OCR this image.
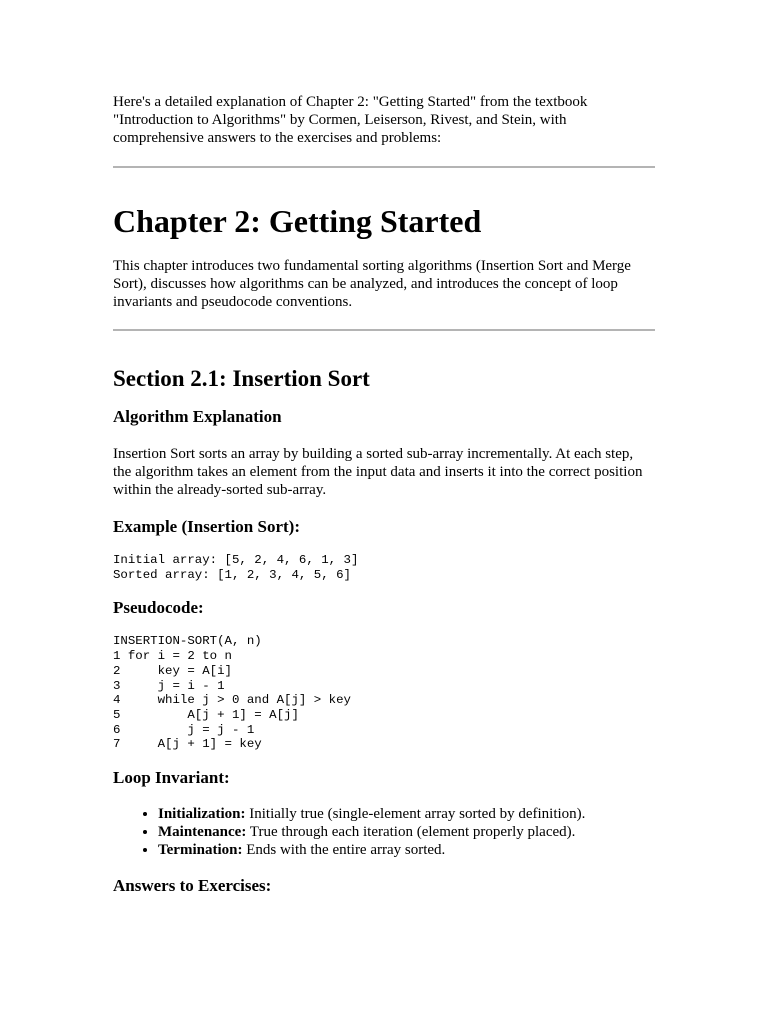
Here's a detailed explanation of Chapter 2: "Getting Started" from the textbook
"Introduction to Algorithms" by Cormen, Leiserson, Rivest, and Stein, with
comprehensive answers to the exercises and problems:

Chapter 2: Getting Started

This chapter introduces two fundamental sorting algorithms (Insertion Sort and Merge
Sort), discusses how algorithms can be analyzed, and introduces the concept of loop
invariants and pseudocode conventions.

Section 2.1: Insertion Sort
Algorithm Explanation

Insertion Sort sorts an array by building a sorted sub-array incrementally. At each step,
the algorithm takes an element from the input data and inserts it into the correct position
within the already-sorted sub-array.

Example (Insertion Sort):
Initial array: [5, 2, 4, 6, 1, 3]
Sorted array: [1, 2, 3, 4, 5, 6]
Pseudocode:
INSERTION-SORT(A, n)
1 for i = 2 to n
2     key = A[i]
3     j = i - 1
4     while j > 0 and A[j] > key
5         A[j + 1] = A[j]
6         j = j - 1
7     A[j + 1] = key
Loop Invariant:
• Initialization: Initially true (single-element array sorted by definition).
• Maintenance: True through each iteration (element properly placed).
• Termination: Ends with the entire array sorted.
Answers to Exercises:
